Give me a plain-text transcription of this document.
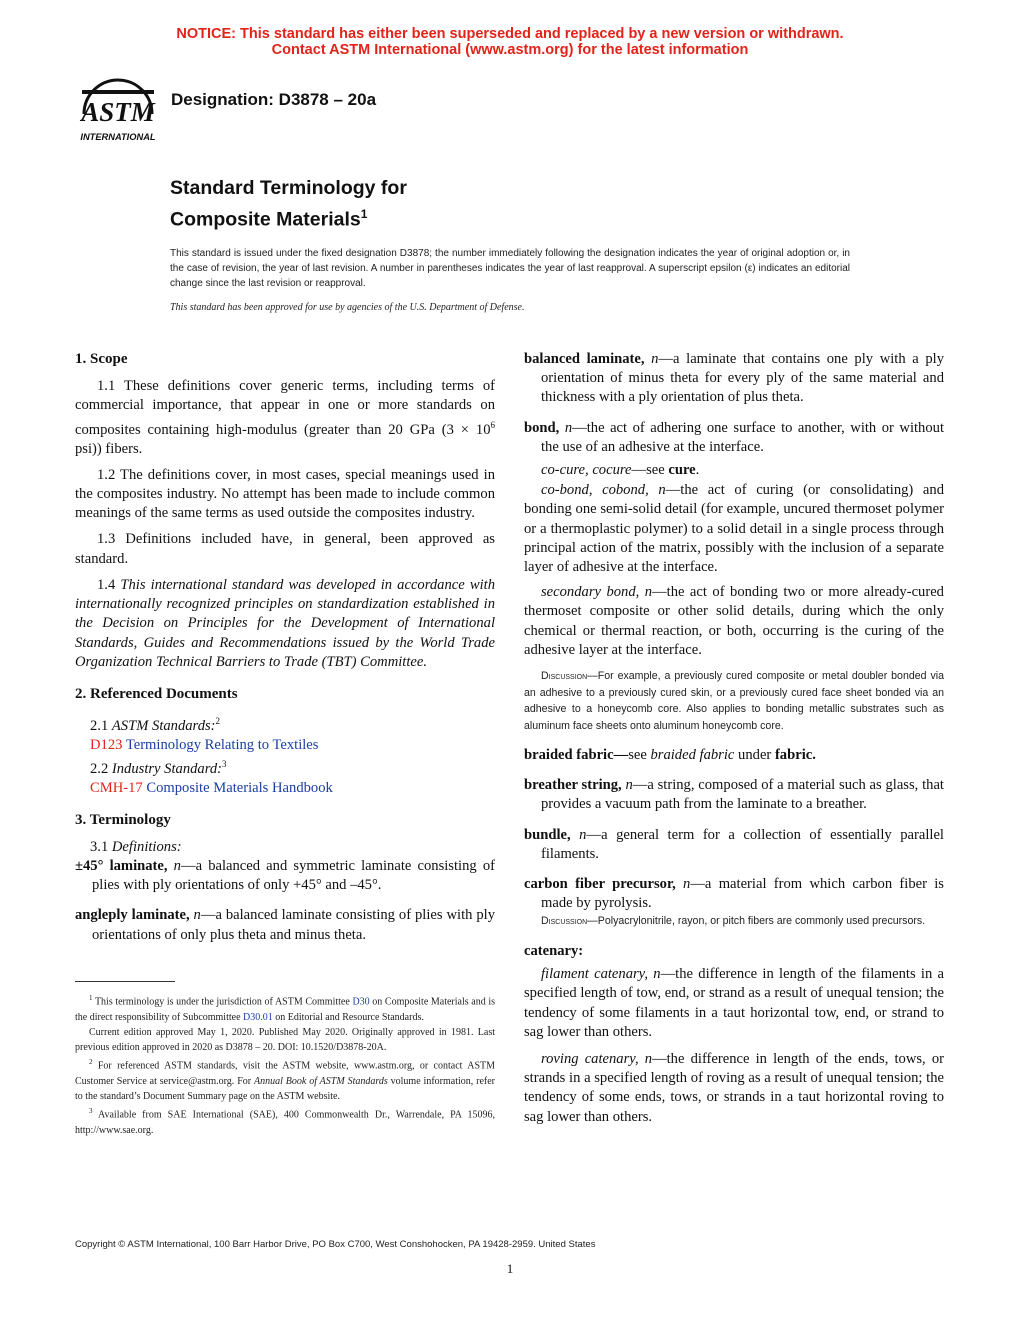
NOTICE: This standard has either been superseded and replaced by a new version or withdrawn.
Contact ASTM International (www.astm.org) for the latest information
ASTM
INTERNATIONAL
Designation: D3878 – 20a
Standard Terminology for
Composite Materials$^1$
This standard is issued under the fixed designation D3878; the number immediately following the designation indicates the year of original adoption or, in the case of revision, the year of last revision. A number in parentheses indicates the year of last reapproval. A superscript epsilon (ε) indicates an editorial change since the last revision or reapproval.
This standard has been approved for use by agencies of the U.S. Department of Defense.
1. Scope
1.1 These definitions cover generic terms, including terms of commercial importance, that appear in one or more standards on composites containing high-modulus (greater than 20 GPa ($3 \times 10^6$ psi)) fibers.
1.2 The definitions cover, in most cases, special meanings used in the composites industry. No attempt has been made to include common meanings of the same terms as used outside the composites industry.
1.3 Definitions included have, in general, been approved as standard.
1.4 This international standard was developed in accordance with internationally recognized principles on standardization established in the Decision on Principles for the Development of International Standards, Guides and Recommendations issued by the World Trade Organization Technical Barriers to Trade (TBT) Committee.
2. Referenced Documents
2.1 ASTM Standards:$^2$
D123 Terminology Relating to Textiles
2.2 Industry Standard:$^3$
CMH-17 Composite Materials Handbook
3. Terminology
3.1 Definitions:
±45° laminate, n—a balanced and symmetric laminate consisting of plies with ply orientations of only +45° and –45°.
angleply laminate, n—a balanced laminate consisting of plies with ply orientations of only plus theta and minus theta.
balanced laminate, n—a laminate that contains one ply with a ply orientation of minus theta for every ply of the same material and thickness with a ply orientation of plus theta.
bond, n—the act of adhering one surface to another, with or without the use of an adhesive at the interface.
co-cure, cocure—see cure.
co-bond, cobond, n—the act of curing (or consolidating) and bonding one semi-solid detail (for example, uncured thermoset polymer or a thermoplastic polymer) to a solid detail in a single process through principal action of the matrix, possibly with the inclusion of a separate layer of adhesive at the interface.
secondary bond, n—the act of bonding two or more already-cured thermoset composite or other solid details, during which the only chemical or thermal reaction, or both, occurring is the curing of the adhesive layer at the interface.
Discussion—For example, a previously cured composite or metal doubler bonded via an adhesive to a previously cured skin, or a previously cured face sheet bonded via an adhesive to a honeycomb core. Also applies to bonding metallic substrates such as aluminum face sheets onto aluminum honeycomb core.
braided fabric—see braided fabric under fabric.
breather string, n—a string, composed of a material such as glass, that provides a vacuum path from the laminate to a breather.
bundle, n—a general term for a collection of essentially parallel filaments.
carbon fiber precursor, n—a material from which carbon fiber is made by pyrolysis.
Discussion—Polyacrylonitrile, rayon, or pitch fibers are commonly used precursors.
catenary:
filament catenary, n—the difference in length of the filaments in a specified length of tow, end, or strand as a result of unequal tension; the tendency of some filaments in a taut horizontal tow, end, or strand to sag lower than others.
roving catenary, n—the difference in length of the ends, tows, or strands in a specified length of roving as a result of unequal tension; the tendency of some ends, tows, or strands in a taut horizontal roving to sag lower than others.
$^1$ This terminology is under the jurisdiction of ASTM Committee D30 on Composite Materials and is the direct responsibility of Subcommittee D30.01 on Editorial and Resource Standards.
Current edition approved May 1, 2020. Published May 2020. Originally approved in 1981. Last previous edition approved in 2020 as D3878 – 20. DOI: 10.1520/D3878-20A.
$^2$ For referenced ASTM standards, visit the ASTM website, www.astm.org, or contact ASTM Customer Service at service@astm.org. For Annual Book of ASTM Standards volume information, refer to the standard’s Document Summary page on the ASTM website.
$^3$ Available from SAE International (SAE), 400 Commonwealth Dr., Warrendale, PA 15096, http://www.sae.org.
Copyright © ASTM International, 100 Barr Harbor Drive, PO Box C700, West Conshohocken, PA 19428-2959. United States
1
